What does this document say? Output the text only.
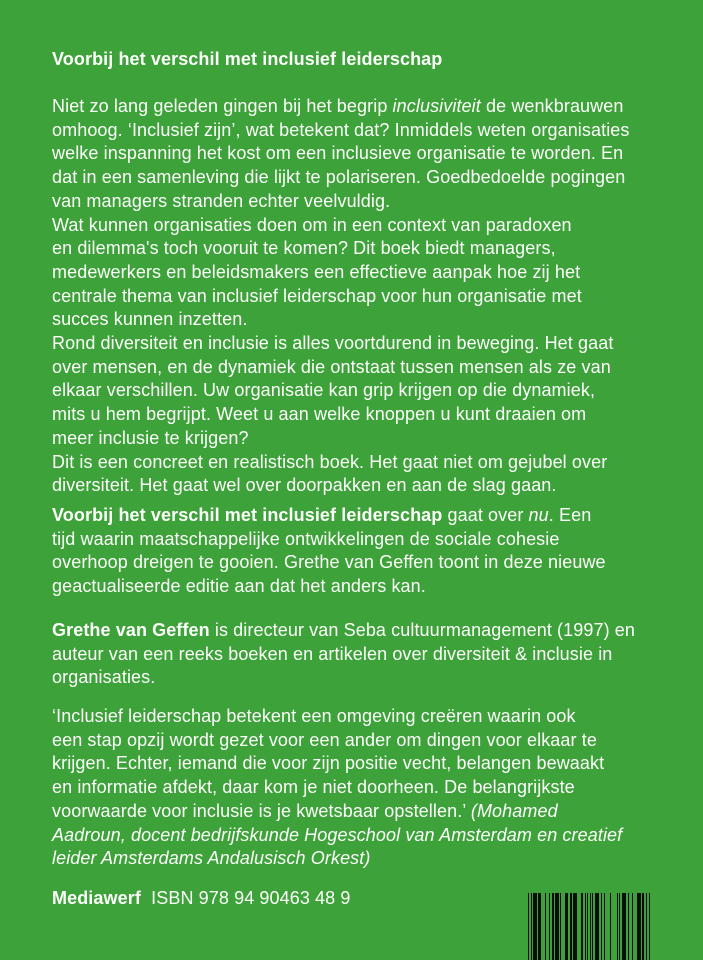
Voorbij het verschil met inclusief leiderschap
Niet zo lang geleden gingen bij het begrip inclusiviteit de wenkbrauwen
omhoog. ‘Inclusief zijn’, wat betekent dat? Inmiddels weten organisaties
welke inspanning het kost om een inclusieve organisatie te worden. En
dat in een samenleving die lijkt te polariseren. Goedbedoelde pogingen
van managers stranden echter veelvuldig.
Wat kunnen organisaties doen om in een context van paradoxen
en dilemma's toch vooruit te komen? Dit boek biedt managers,
medewerkers en beleidsmakers een effectieve aanpak hoe zij het
centrale thema van inclusief leiderschap voor hun organisatie met
succes kunnen inzetten.
Rond diversiteit en inclusie is alles voortdurend in beweging. Het gaat
over mensen, en de dynamiek die ontstaat tussen mensen als ze van
elkaar verschillen. Uw organisatie kan grip krijgen op die dynamiek,
mits u hem begrijpt. Weet u aan welke knoppen u kunt draaien om
meer inclusie te krijgen?
Dit is een concreet en realistisch boek. Het gaat niet om gejubel over
diversiteit. Het gaat wel over doorpakken en aan de slag gaan.
Voorbij het verschil met inclusief leiderschap gaat over nu. Een
tijd waarin maatschappelijke ontwikkelingen de sociale cohesie
overhoop dreigen te gooien. Grethe van Geffen toont in deze nieuwe
geactualiseerde editie aan dat het anders kan.
Grethe van Geffen is directeur van Seba cultuurmanagement (1997) en
auteur van een reeks boeken en artikelen over diversiteit & inclusie in
organisaties.
‘Inclusief leiderschap betekent een omgeving creëren waarin ook
een stap opzij wordt gezet voor een ander om dingen voor elkaar te
krijgen. Echter, iemand die voor zijn positie vecht, belangen bewaakt
en informatie afdekt, daar kom je niet doorheen. De belangrijkste
voorwaarde voor inclusie is je kwetsbaar opstellen.’ (Mohamed
Aadroun, docent bedrijfskunde Hogeschool van Amsterdam en creatief
leider Amsterdams Andalusisch Orkest)
Mediawerf  ISBN 978 94 90463 48 9
